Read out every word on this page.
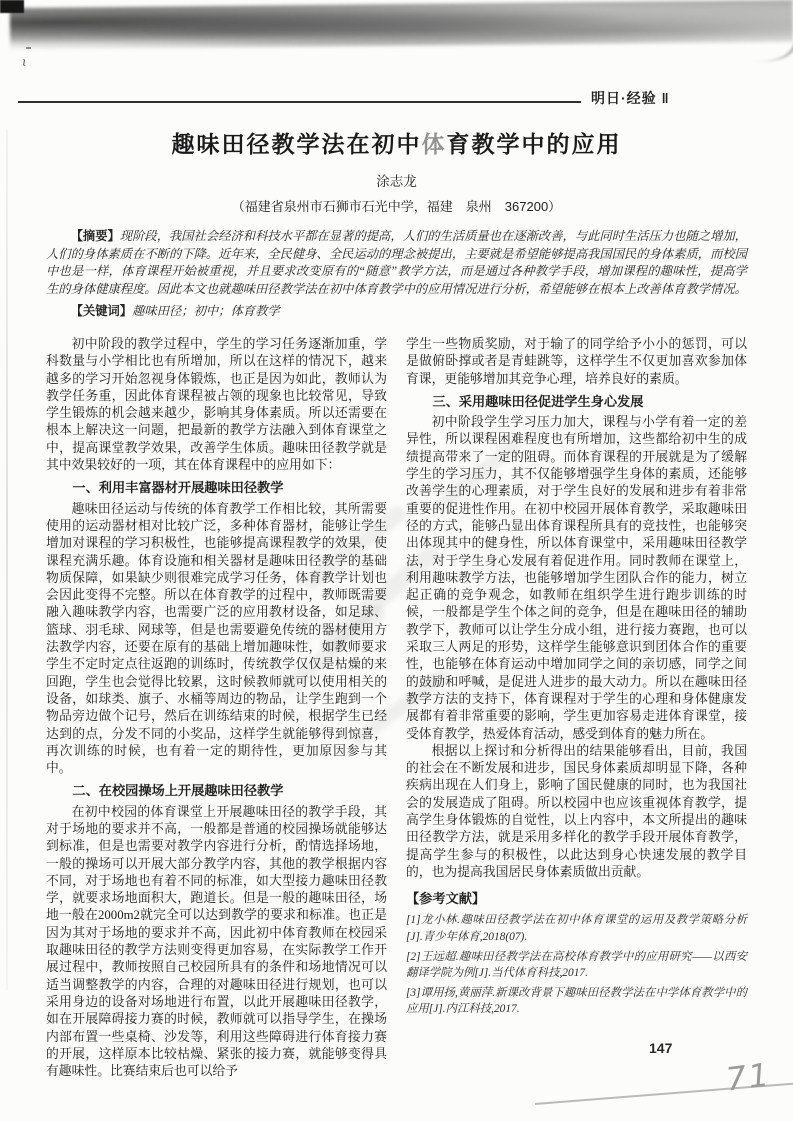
ι
71
明日·经验 ‖
趣味田径教学法在初中体育教学中的应用
涂志龙
（福建省泉州市石狮市石光中学，福建　泉州　367200）
【摘要】现阶段，我国社会经济和科技水平都在显著的提高，人们的生活质量也在逐渐改善，与此同时生活压力也随之增加，人们的身体素质在不断的下降。近年来，全民健身、全民运动的理念被提出，主要就是希望能够提高我国国民的身体素质，而校园中也是一样，体育课程开始被重视，并且要求改变原有的“随意”教学方法，而是通过各种教学手段，增加课程的趣味性，提高学生的身体健康程度。因此本文也就趣味田径教学法在初中体育教学中的应用情况进行分析，希望能够在根本上改善体育教学情况。
【关键词】趣味田径；初中；体育教学
初中阶段的教学过程中，学生的学习任务逐渐加重，学科数量与小学相比也有所增加，所以在这样的情况下，越来越多的学习开始忽视身体锻炼，也正是因为如此，教师认为教学任务重，因此体育课程被占领的现象也比较常见，导致学生锻炼的机会越来越少，影响其身体素质。所以还需要在根本上解决这一问题，把最新的教学方法融入到体育课堂之中，提高课堂教学效果，改善学生体质。趣味田径教学就是其中效果较好的一项，其在体育课程中的应用如下：
一、利用丰富器材开展趣味田径教学
趣味田径运动与传统的体育教学工作相比较，其所需要使用的运动器材相对比较广泛，多种体育器材，能够让学生增加对课程的学习积极性，也能够提高课程教学的效果，使课程充满乐趣。体育设施和相关器材是趣味田径教学的基础物质保障，如果缺少则很难完成学习任务，体育教学计划也会因此变得不完整。所以在体育教学的过程中，教师既需要融入趣味教学内容，也需要广泛的应用教材设备，如足球、篮球、羽毛球、网球等，但是也需要避免传统的器材使用方法教学内容，还要在原有的基础上增加趣味性，如教师要求学生不定时定点往返跑的训练时，传统教学仅仅是枯燥的来回跑，学生也会觉得比较累，这时候教师就可以使用相关的设备，如球类、旗子、水桶等周边的物品，让学生跑到一个物品旁边做个记号，然后在训练结束的时候，根据学生已经达到的点，分发不同的小奖品，这样学生就能够得到惊喜，再次训练的时候，也有着一定的期待性，更加原因参与其中。
二、在校园操场上开展趣味田径教学
在初中校园的体育课堂上开展趣味田径的教学手段，其对于场地的要求并不高，一般都是普通的校园操场就能够达到标准，但是也需要对教学内容进行分析，酌情选择场地，一般的操场可以开展大部分教学内容，其他的教学根据内容不同，对于场地也有着不同的标准，如大型接力趣味田径教学，就要求场地面积大，跑道长。但是一般的趣味田径，场地一般在2000m2就完全可以达到教学的要求和标准。也正是因为其对于场地的要求并不高，因此初中体育教师在校园采取趣味田径的教学方法则变得更加容易，在实际教学工作开展过程中，教师按照自己校园所具有的条件和场地情况可以适当调整教学的内容，合理的对趣味田径进行规划，也可以采用身边的设备对场地进行布置，以此开展趣味田径教学，如在开展障碍接力赛的时候，教师就可以指导学生，在操场内部布置一些桌椅、沙发等，利用这些障碍进行体育接力赛的开展，这样原本比较枯燥、紧张的接力赛，就能够变得具有趣味性。比赛结束后也可以给予
学生一些物质奖励，对于输了的同学给予小小的惩罚，可以是做俯卧撑或者是青蛙跳等，这样学生不仅更加喜欢参加体育课，更能够增加其竞争心理，培养良好的素质。
三、采用趣味田径促进学生身心发展
初中阶段学生学习压力加大，课程与小学有着一定的差异性，所以课程困难程度也有所增加，这些都给初中生的成绩提高带来了一定的阻碍。而体育课程的开展就是为了缓解学生的学习压力，其不仅能够增强学生身体的素质，还能够改善学生的心理素质，对于学生良好的发展和进步有着非常重要的促进性作用。在初中校园开展体育教学，采取趣味田径的方式，能够凸显出体育课程所具有的竞技性，也能够突出体现其中的健身性，所以体育课堂中，采用趣味田径教学法，对于学生身心发展有着促进作用。同时教师在课堂上，利用趣味教学方法，也能够增加学生团队合作的能力，树立起正确的竞争观念，如教师在组织学生进行跑步训练的时候，一般都是学生个体之间的竞争，但是在趣味田径的辅助教学下，教师可以让学生分成小组，进行接力赛跑，也可以采取三人两足的形势，这样学生能够意识到团体合作的重要性，也能够在体育运动中增加同学之间的亲切感，同学之间的鼓励和呼喊，是促进人进步的最大动力。所以在趣味田径教学方法的支持下，体育课程对于学生的心理和身体健康发展都有着非常重要的影响，学生更加容易走进体育课堂，接受体育教学，热爱体育活动，感受到体育的魅力所在。
根据以上探讨和分析得出的结果能够看出，目前，我国的社会在不断发展和进步，国民身体素质却明显下降，各种疾病出现在人们身上，影响了国民健康的同时，也为我国社会的发展造成了阻碍。所以校园中也应该重视体育教学，提高学生身体锻炼的自觉性，以上内容中，本文所提出的趣味田径教学方法，就是采用多样化的教学手段开展体育教学，提高学生参与的积极性，以此达到身心快速发展的教学目的，也为提高我国居民身体素质做出贡献。
【参考文献】
[1]龙小林.趣味田径教学法在初中体育课堂的运用及教学策略分析[J].青少年体育,2018(07).
[2]王远超.趣味田径教学法在高校体育教学中的应用研究——以西安翻译学院为例[J].当代体育科技,2017.
[3]谭用扬,黄丽萍.新课改背景下趣味田径教学法在中学体育教学中的应用[J].内江科技,2017.
147
